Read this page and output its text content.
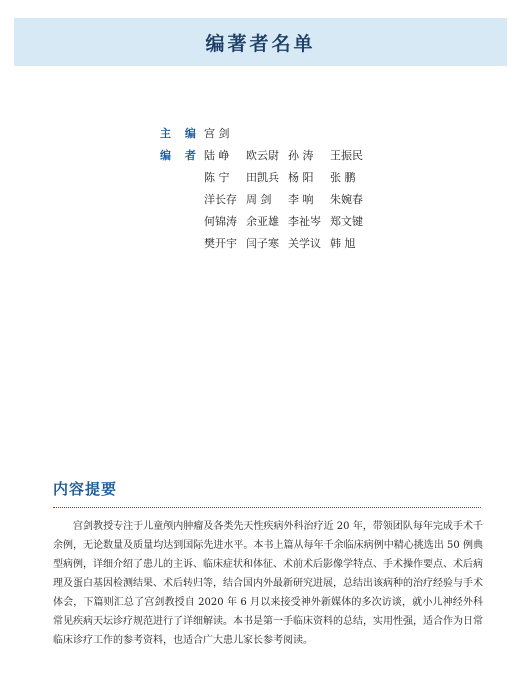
编著者名单
主 编 宫 剑
编 者 陆 峥	欧云尉 孙 涛	王振民
陈 宁	田凯兵 杨 阳	张 鹏
洋长存 周 剑	李 响	朱婉春
何锦涛 余亚雄 李祉岑 郑文键
樊开宇 闫子寒 关学议 韩 旭
内容提要

宫剑教授专注于儿童颅内肿瘤及各类先天性疾病外科治疗近 20 年，带领团队每年完成手术千余例，无论数量及质量均达到国际先进水平。本书上篇从每年千余临床病例中精心挑选出 50 例典型病例，详细介绍了患儿的主诉、临床症状和体征、术前术后影像学特点、手术操作要点、术后病理及蛋白基因检测结果、术后转归等，结合国内外最新研究进展，总结出该病种的治疗经验与手术体会，下篇则汇总了宫剑教授自 2020 年 6 月以来接受神外新媒体的多次访谈，就小儿神经外科常见疾病天坛诊疗规范进行了详细解读。本书是第一手临床资料的总结，实用性强，适合作为日常临床诊疗工作的参考资料，也适合广大患儿家长参考阅读。
